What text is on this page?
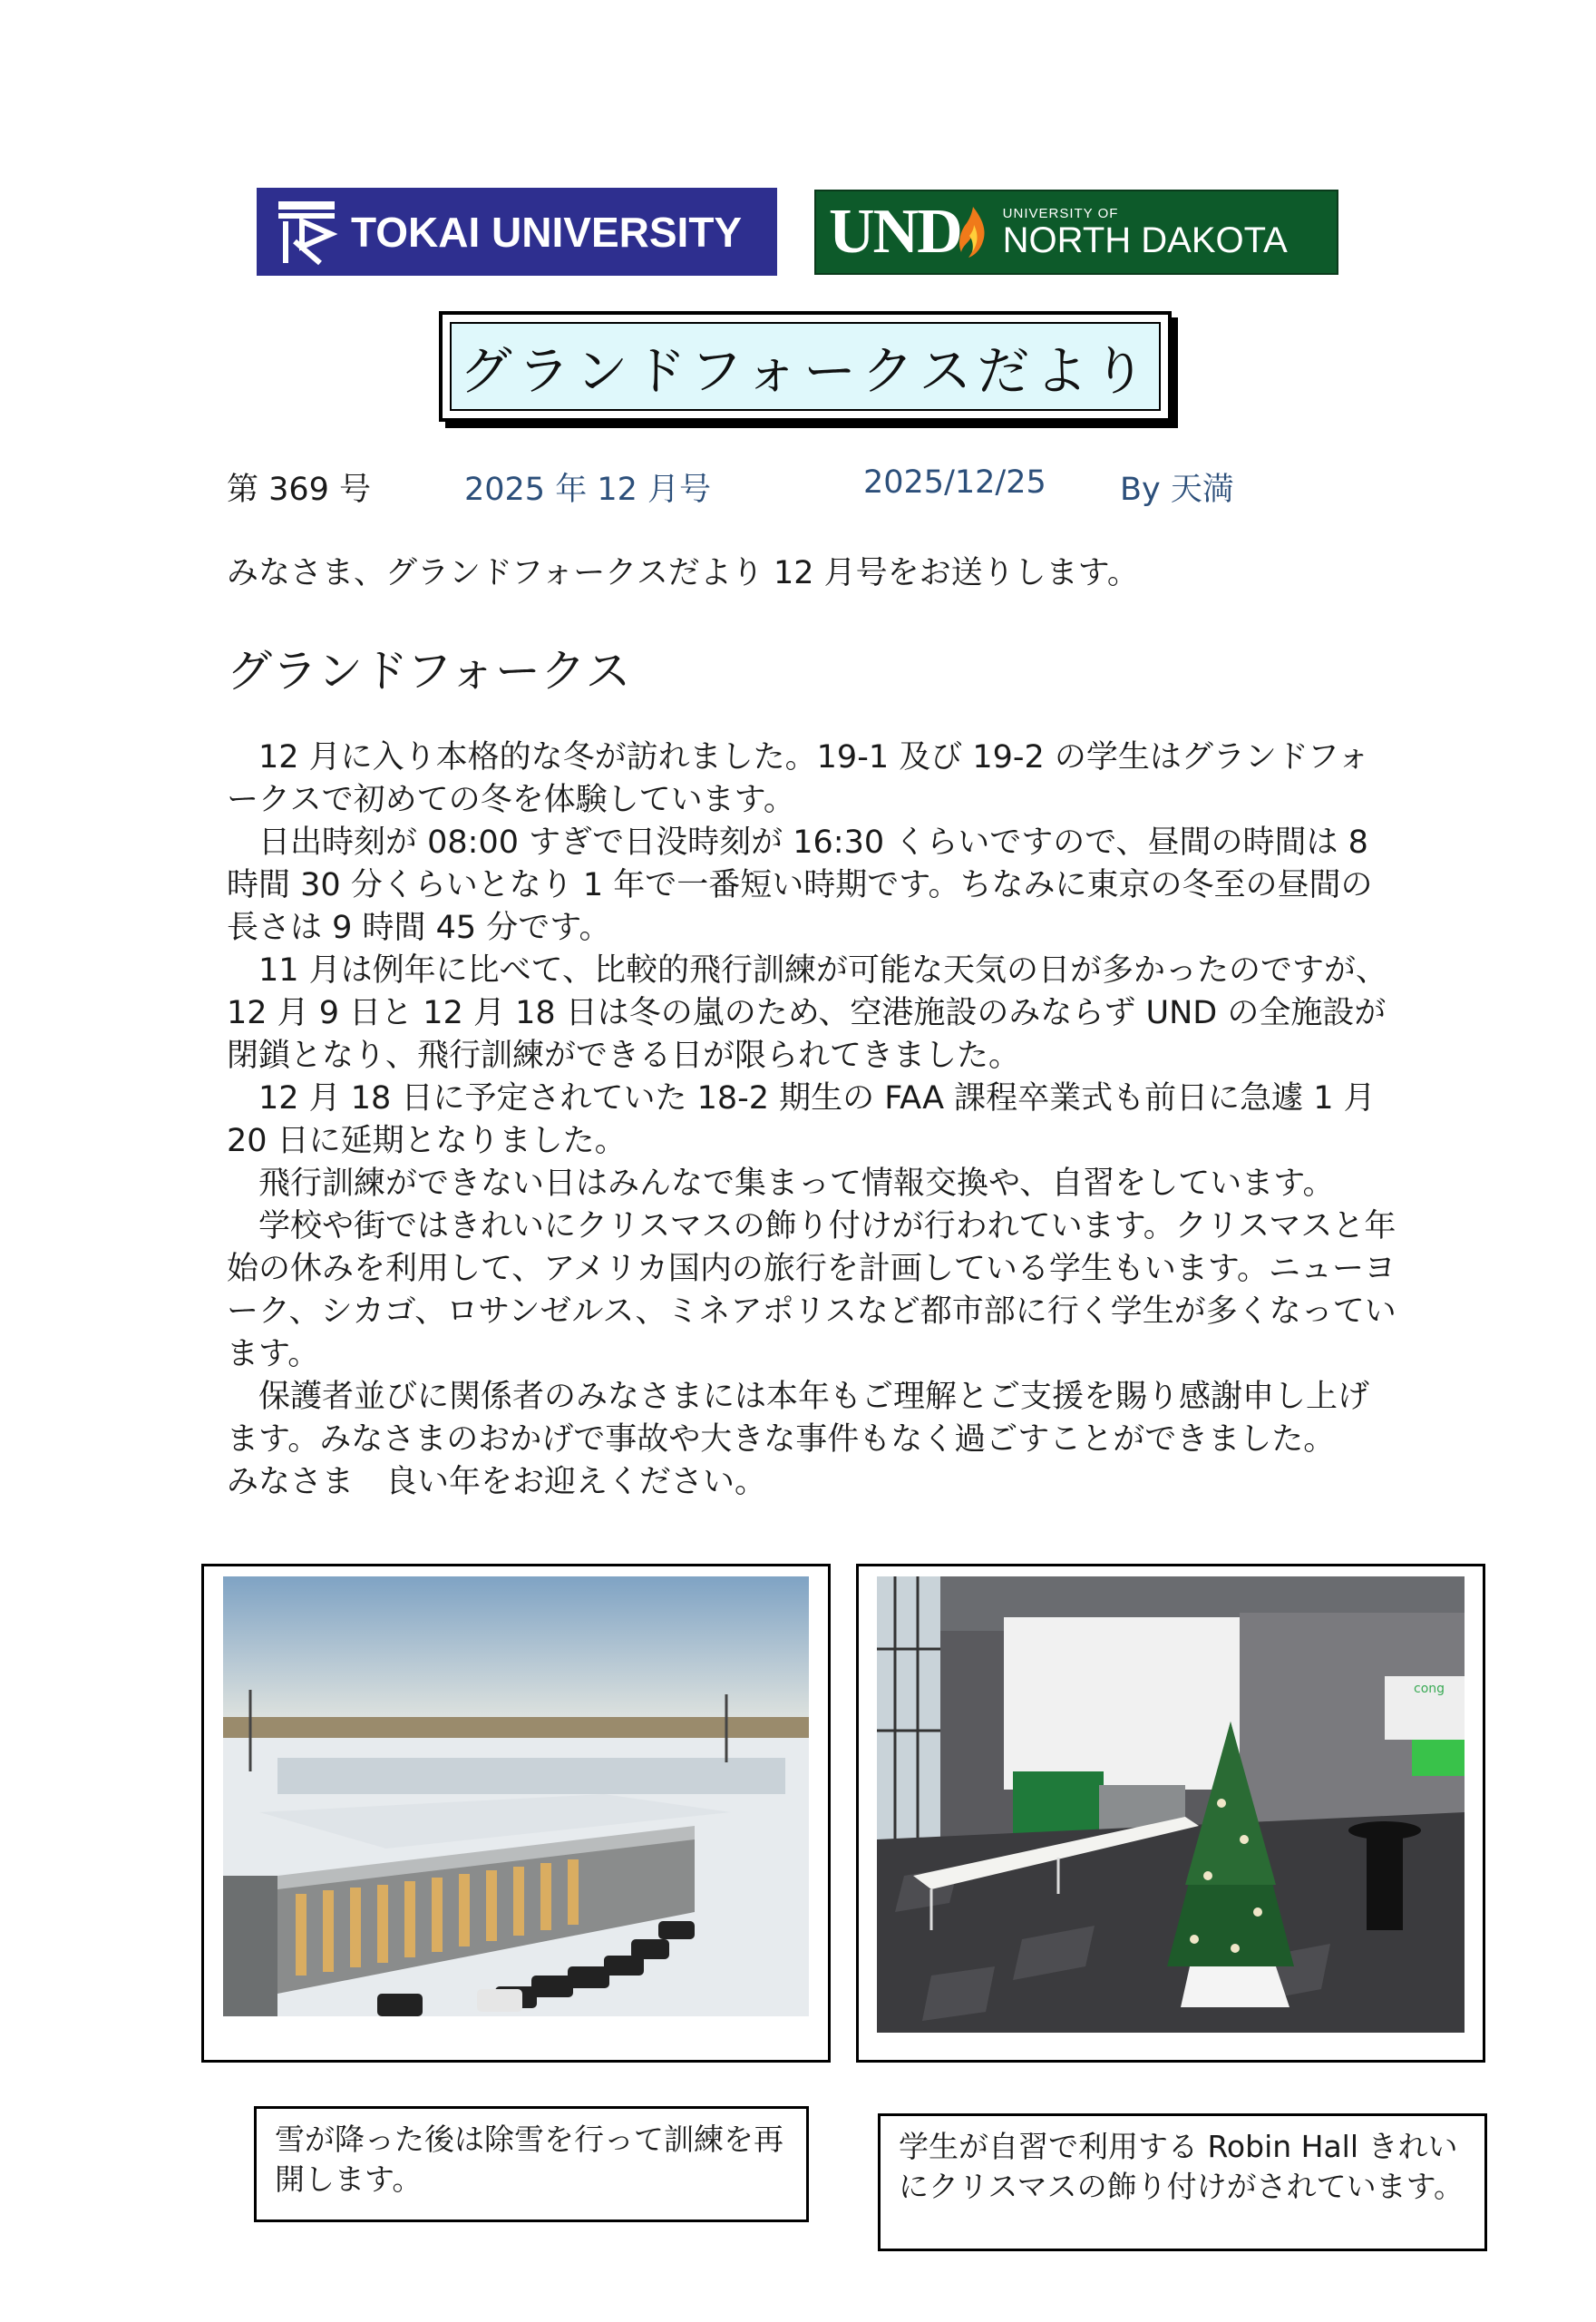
TOKAI UNIVERSITY UND	UNIVERSITY OF
NORTH DAKOTA
グランドフォークスだより
第 369 号	2025 年 12 月号	2025/12/25 By 天満
みなさま、グランドフォークスだより 12 月号をお送りします。
グランドフォークス

12 月に入り本格的な冬が訪れました。19-1 及び 19-2 の学生はグランドフォークスで初めての冬を体験しています。

日出時刻が 08:00 すぎで日没時刻が 16:30 くらいですので、昼間の時間は 8 時間 30 分くらいとなり 1 年で一番短い時期です。ちなみに東京の冬至の昼間の長さは 9 時間 45 分です。

11 月は例年に比べて、比較的飛行訓練が可能な天気の日が多かったのですが、12 月 9 日と 12 月 18 日は冬の嵐のため、空港施設のみならず UND の全施設が閉鎖となり、飛行訓練ができる日が限られてきました。

12 月 18 日に予定されていた 18-2 期生の FAA 課程卒業式も前日に急遽 1 月 20 日に延期となりました。

飛行訓練ができない日はみんなで集まって情報交換や、自習をしています。

学校や街ではきれいにクリスマスの飾り付けが行われています。クリスマスと年始の休みを利用して、アメリカ国内の旅行を計画している学生もいます。ニューヨーク、シカゴ、ロサンゼルス、ミネアポリスなど都市部に行く学生が多くなっています。

保護者並びに関係者のみなさまには本年もご理解とご支援を賜り感謝申し上げます。みなさまのおかげで事故や大きな事件もなく過ごすことができました。

みなさま　良い年をお迎えください。

cong
雪が降った後は除雪を行って訓練を再開します。
学生が自習で利用する Robin Hall きれいにクリスマスの飾り付けがされています。
